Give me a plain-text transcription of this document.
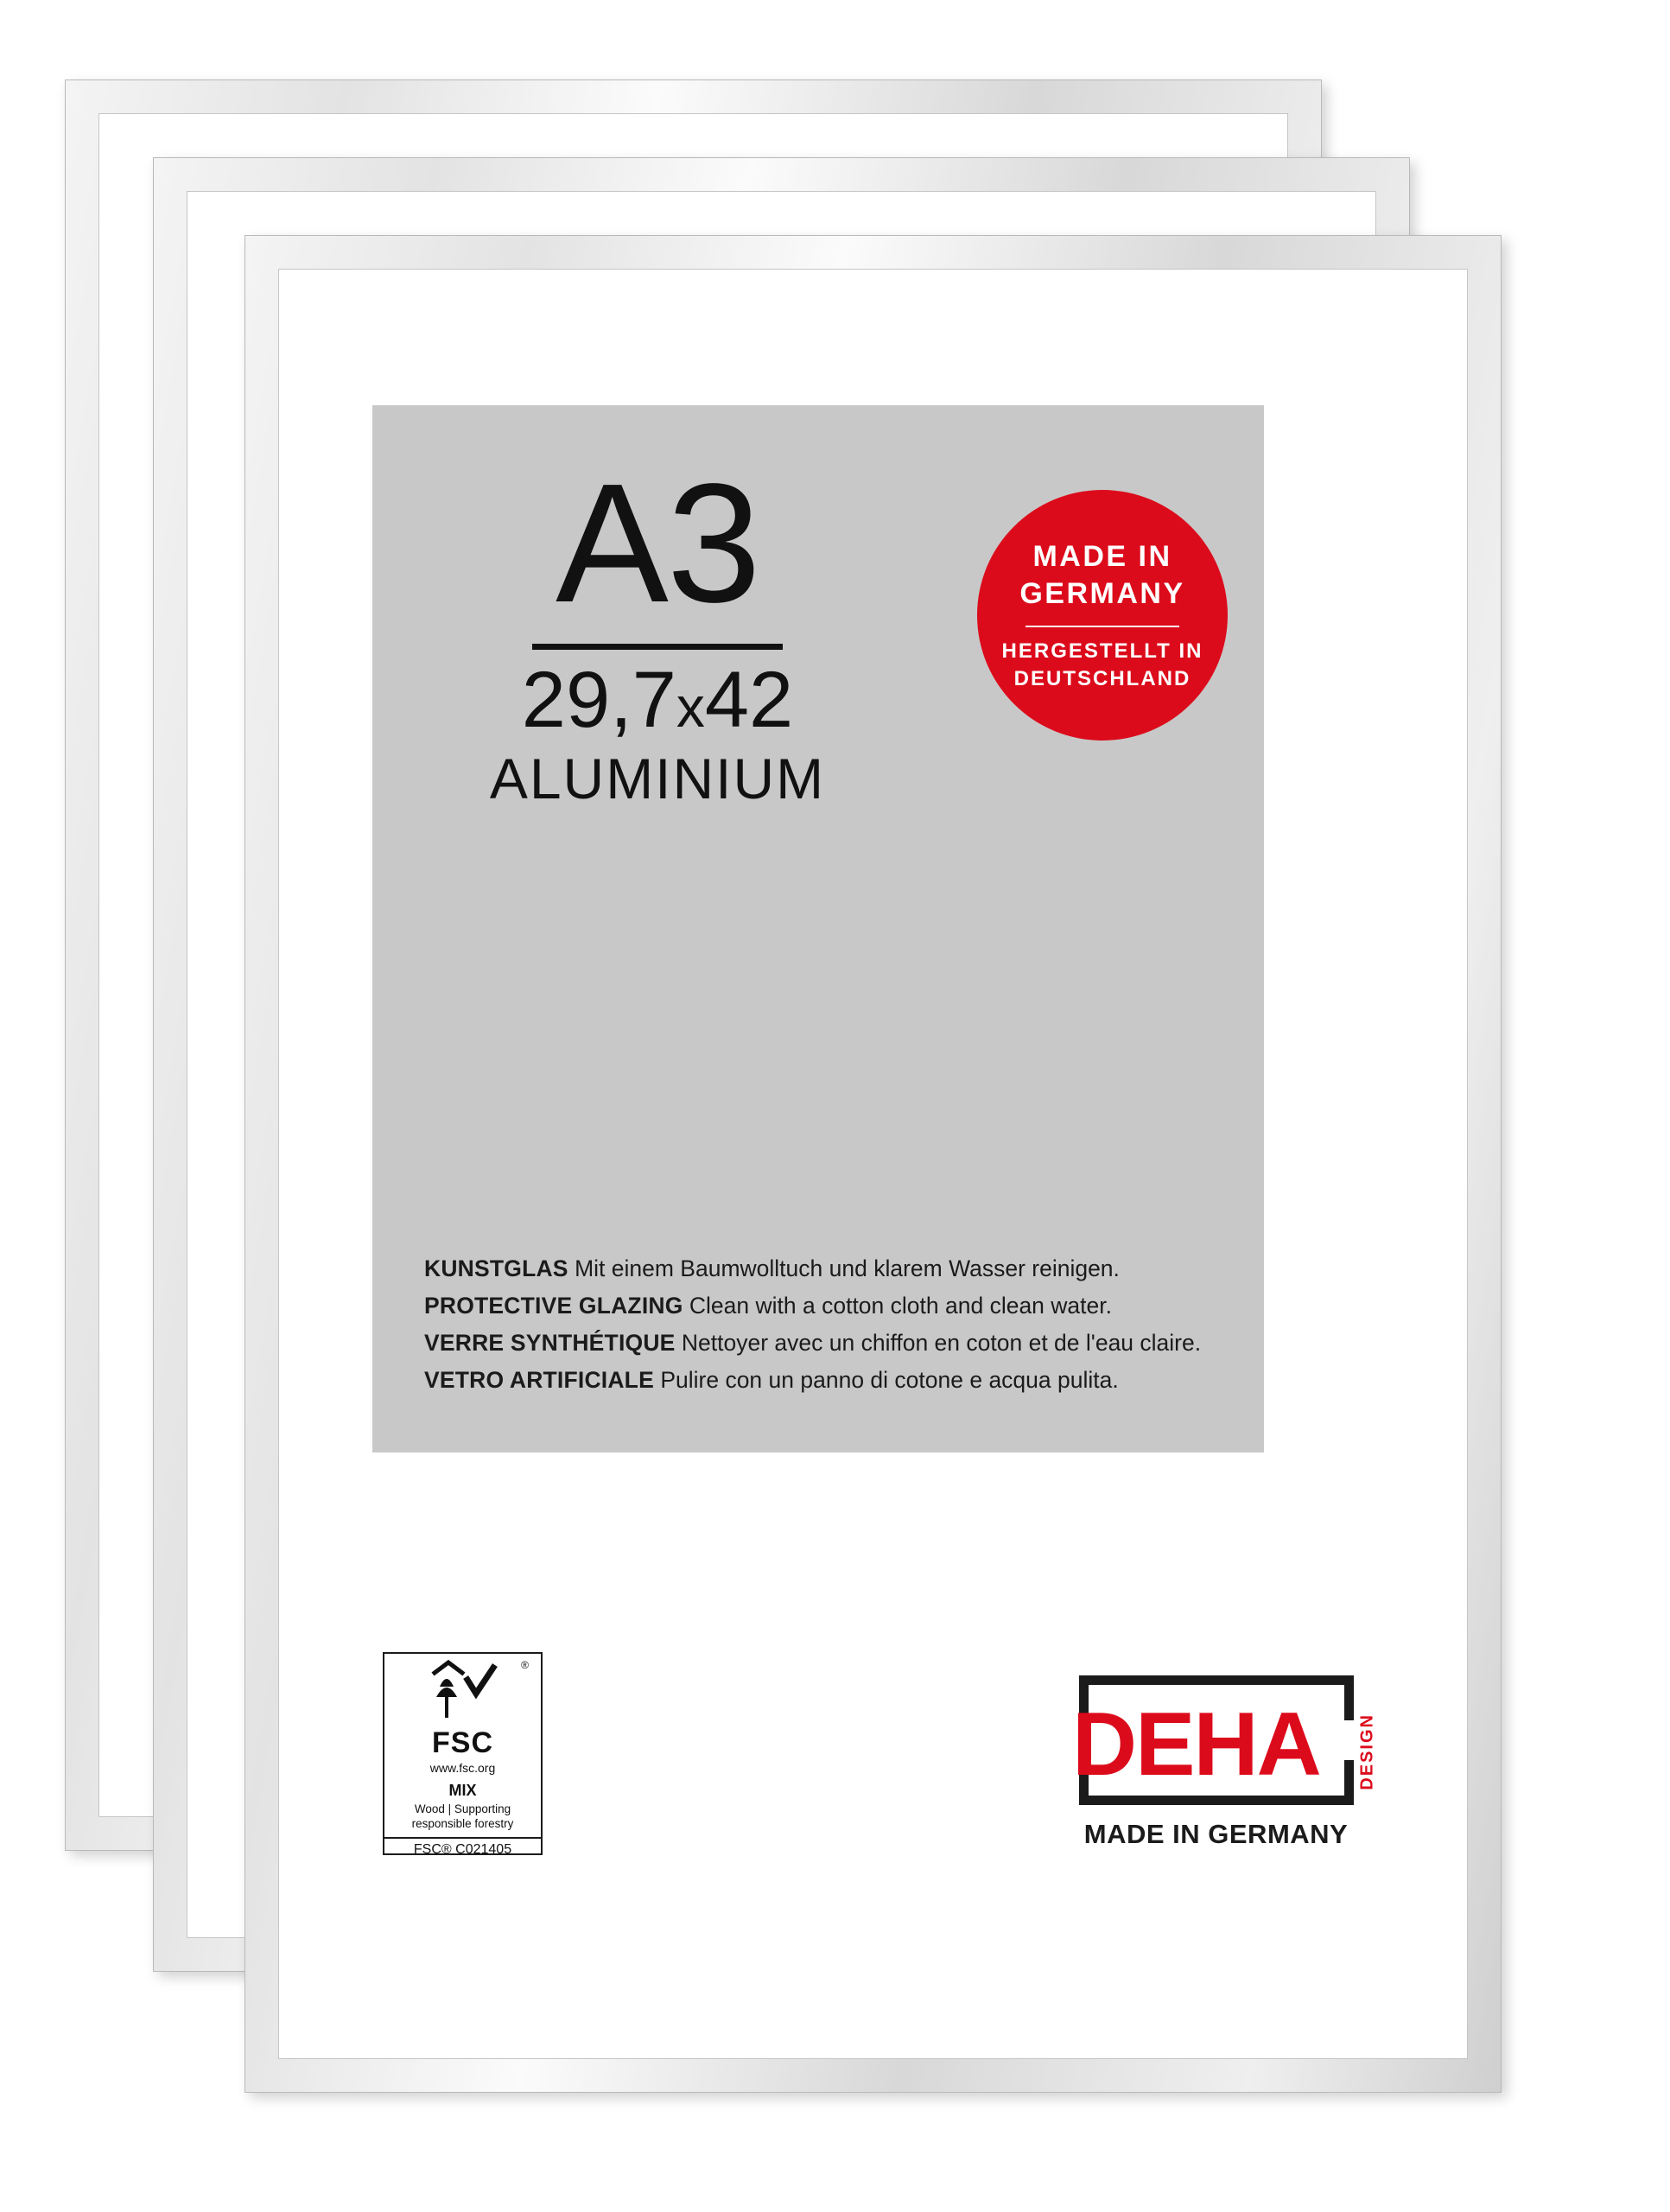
A3
29,7x42
ALUMINIUM
MADE IN
GERMANY
HERGESTELLT IN
DEUTSCHLAND
KUNSTGLAS Mit einem Baumwolltuch und klarem Wasser reinigen.
PROTECTIVE GLAZING Clean with a cotton cloth and clean water.
VERRE SYNTHÉTIQUE Nettoyer avec un chiffon en coton et de l'eau claire.
VETRO ARTIFICIALE Pulire con un panno di cotone e acqua pulita.
®
FSC
www.fsc.org
MIX
Wood | Supporting
responsible forestry
FSC® C021405
DEHA DESIGN
MADE IN GERMANY
